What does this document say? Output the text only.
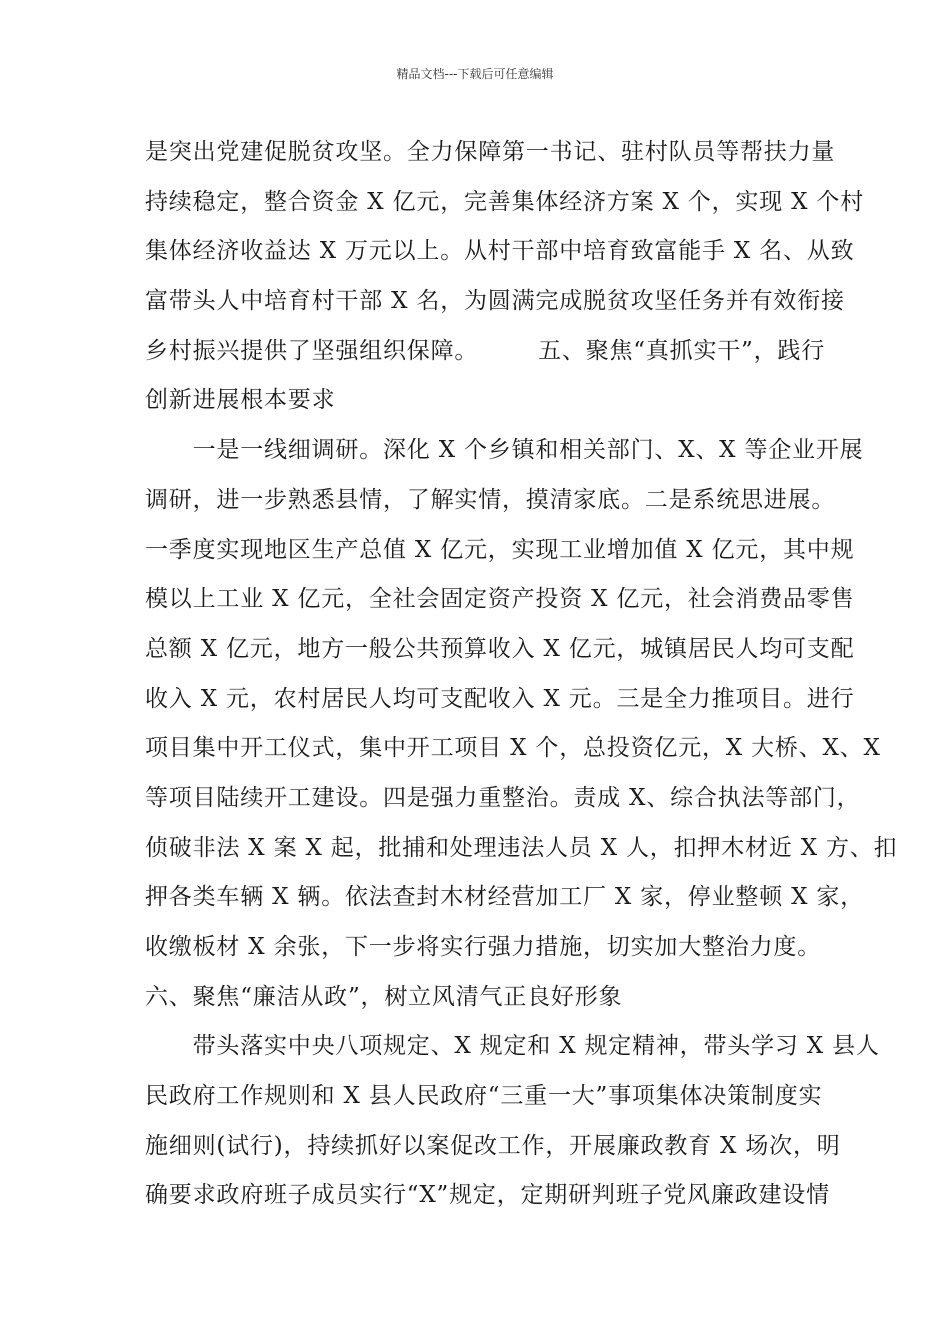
精品文档---下载后可任意编辑
是突出党建促脱贫攻坚。全力保障第一书记、驻村队员等帮扶力量
持续稳定，整合资金 X 亿元，完善集体经济方案 X 个，实现 X 个村
集体经济收益达 X 万元以上。从村干部中培育致富能手 X 名、从致
富带头人中培育村干部 X 名，为圆满完成脱贫攻坚任务并有效衔接
乡村振兴提供了坚强组织保障。　　　五、聚焦“真抓实干”，践行
创新进展根本要求
　　一是一线细调研。深化 X 个乡镇和相关部门、X、X 等企业开展
调研，进一步熟悉县情，了解实情，摸清家底。二是系统思进展。
一季度实现地区生产总值 X 亿元，实现工业增加值 X 亿元，其中规
模以上工业 X 亿元，全社会固定资产投资 X 亿元，社会消费品零售
总额 X 亿元，地方一般公共预算收入 X 亿元，城镇居民人均可支配
收入 X 元，农村居民人均可支配收入 X 元。三是全力推项目。进行
项目集中开工仪式，集中开工项目 X 个，总投资亿元，X 大桥、X、X
等项目陆续开工建设。四是强力重整治。责成 X、综合执法等部门，
侦破非法 X 案 X 起，批捕和处理违法人员 X 人，扣押木材近 X 方、扣
押各类车辆 X 辆。依法查封木材经营加工厂 X 家，停业整顿 X 家，
收缴板材 X 余张，下一步将实行强力措施，切实加大整治力度。
六、聚焦“廉洁从政”，树立风清气正良好形象
　　带头落实中央八项规定、X 规定和 X 规定精神，带头学习 X 县人
民政府工作规则和 X 县人民政府“三重一大”事项集体决策制度实
施细则(试行)，持续抓好以案促改工作，开展廉政教育 X 场次，明
确要求政府班子成员实行“X”规定，定期研判班子党风廉政建设情
